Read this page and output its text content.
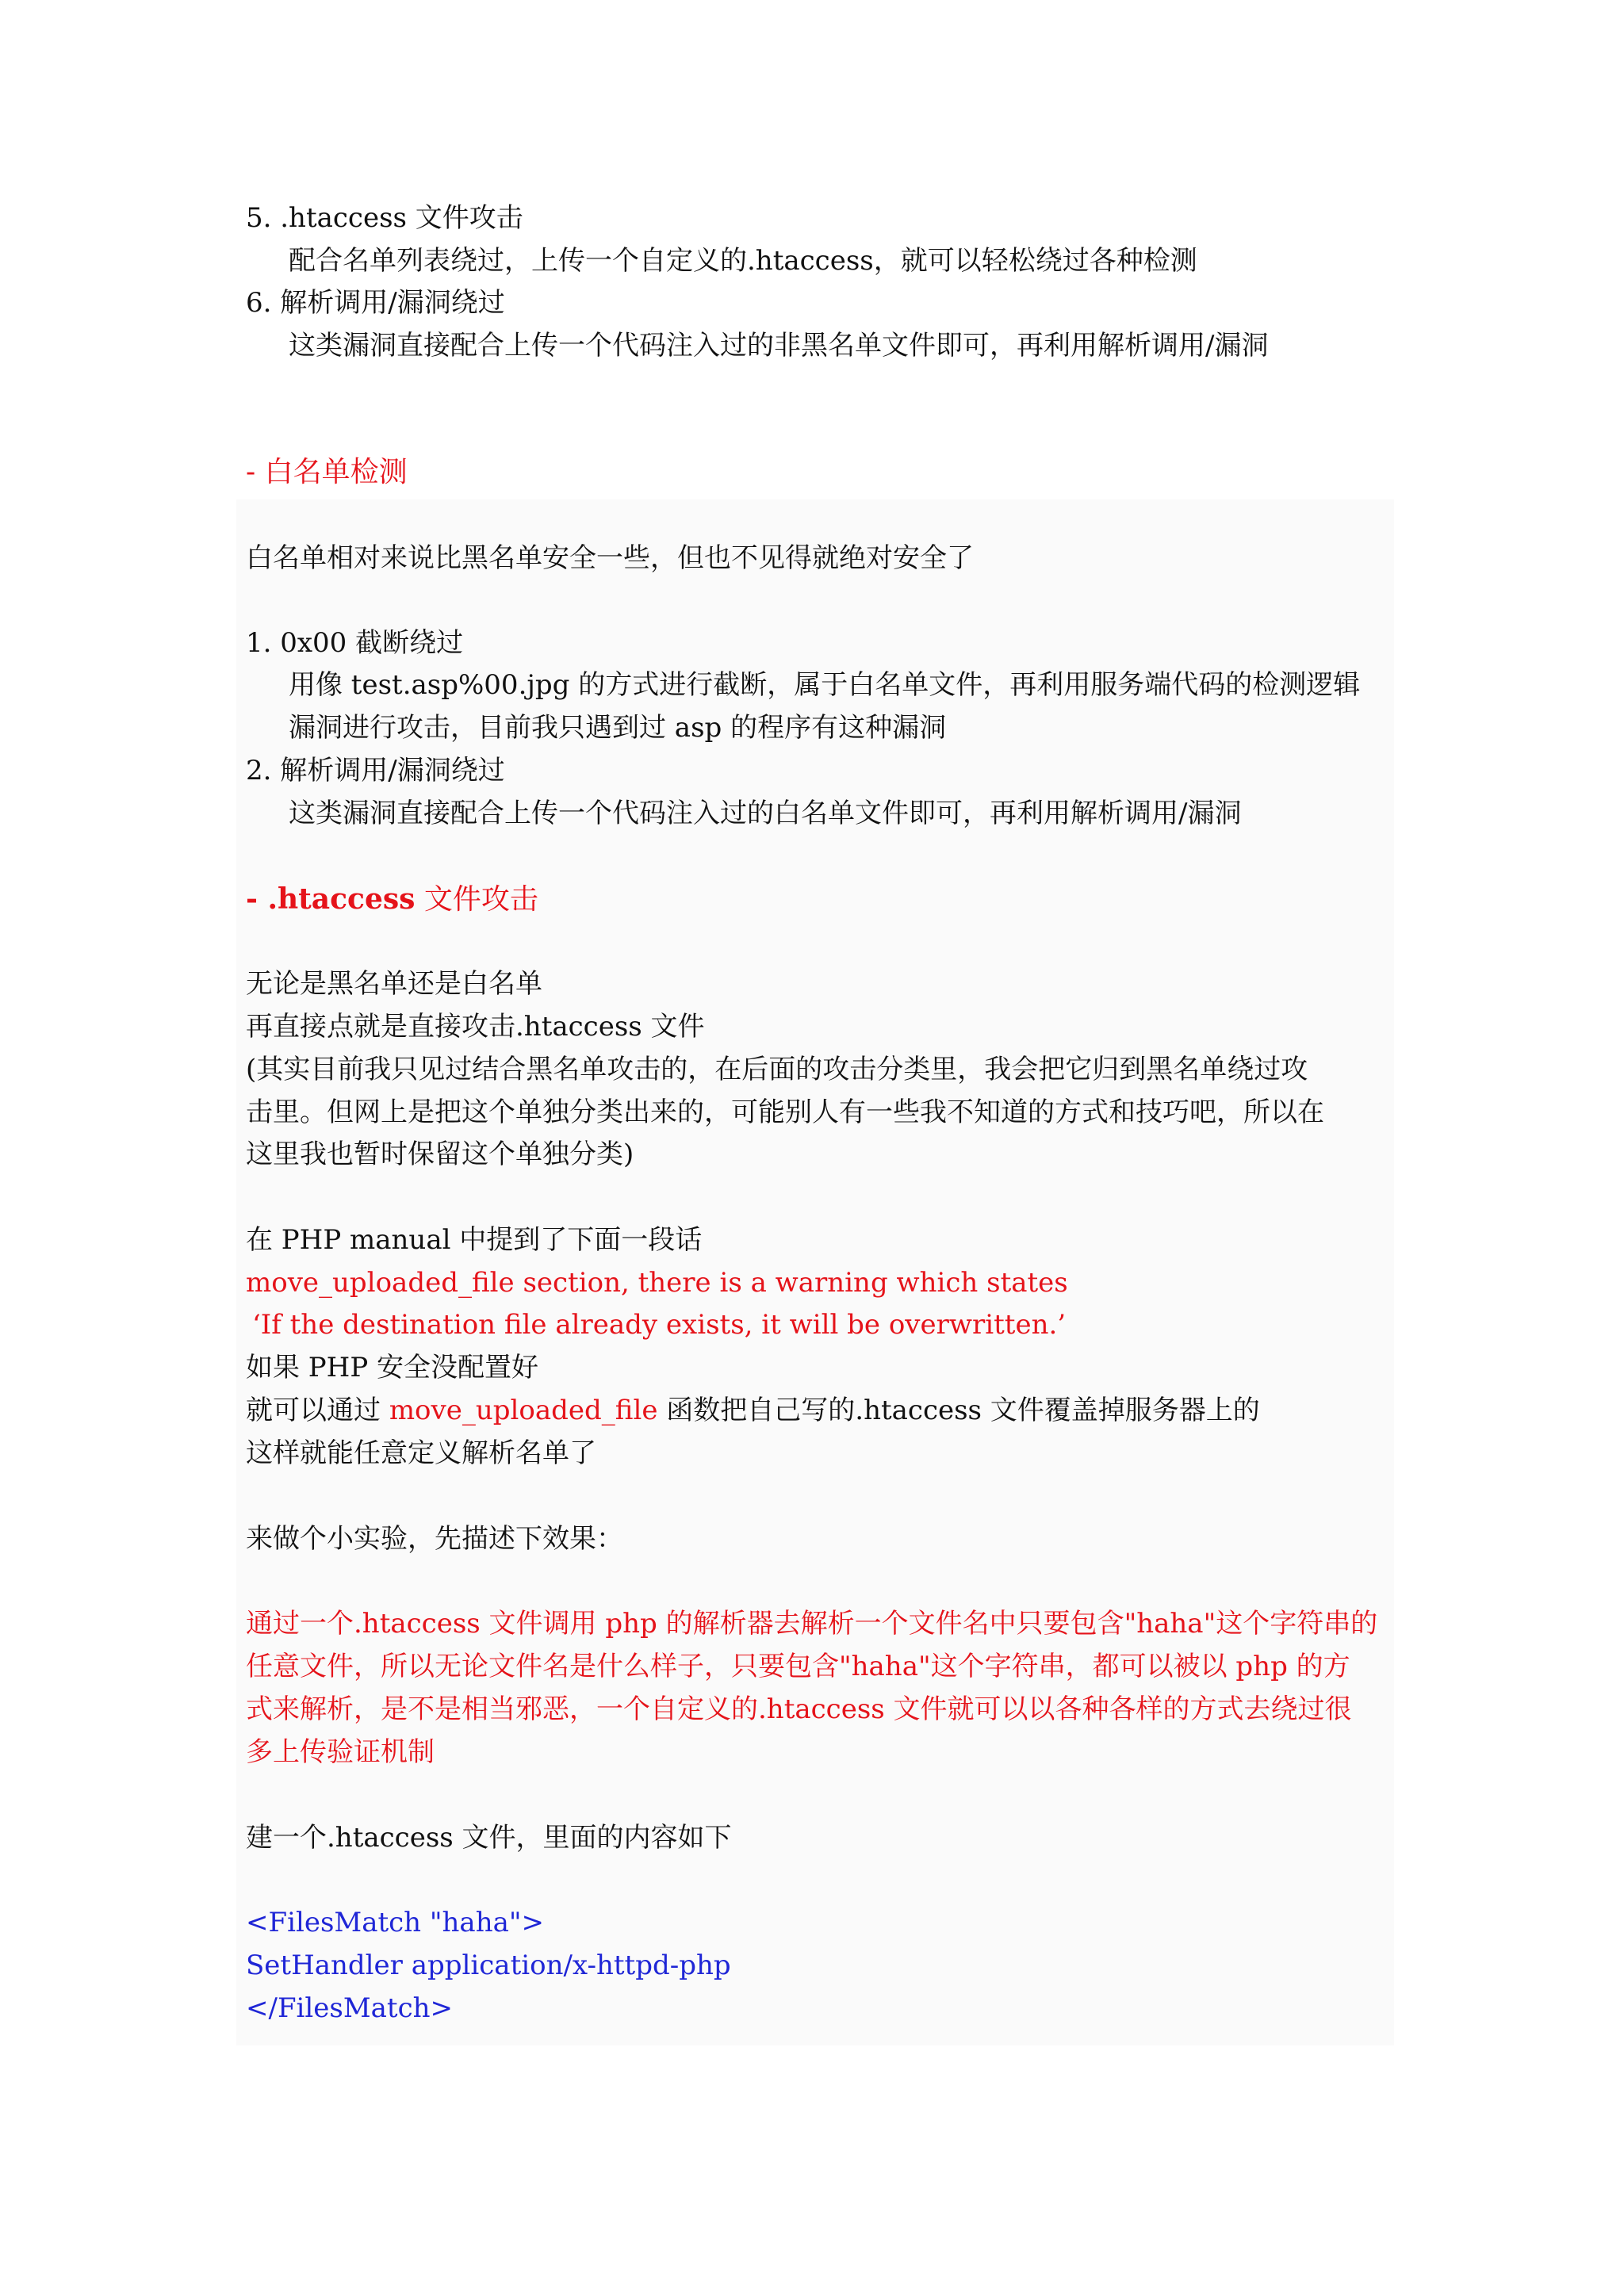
5. .htaccess 文件攻击
配合名单列表绕过，上传一个自定义的.htaccess，就可以轻松绕过各种检测
6. 解析调用/漏洞绕过
这类漏洞直接配合上传一个代码注入过的非黑名单文件即可，再利用解析调用/漏洞
- 白名单检测
白名单相对来说比黑名单安全一些，但也不见得就绝对安全了
1. 0x00 截断绕过
用像 test.asp%00.jpg 的方式进行截断，属于白名单文件，再利用服务端代码的检测逻辑
漏洞进行攻击，目前我只遇到过 asp 的程序有这种漏洞
2. 解析调用/漏洞绕过
这类漏洞直接配合上传一个代码注入过的白名单文件即可，再利用解析调用/漏洞
- .htaccess 文件攻击
无论是黑名单还是白名单
再直接点就是直接攻击.htaccess 文件
(其实目前我只见过结合黑名单攻击的，在后面的攻击分类里，我会把它归到黑名单绕过攻
击里。但网上是把这个单独分类出来的，可能别人有一些我不知道的方式和技巧吧，所以在
这里我也暂时保留这个单独分类)
在 PHP manual 中提到了下面一段话
move_uploaded_file section, there is a warning which states
‘If the destination file already exists, it will be overwritten.’
如果 PHP 安全没配置好
就可以通过 move_uploaded_file 函数把自己写的.htaccess 文件覆盖掉服务器上的
这样就能任意定义解析名单了
来做个小实验，先描述下效果：
通过一个.htaccess 文件调用 php 的解析器去解析一个文件名中只要包含"haha"这个字符串的
任意文件，所以无论文件名是什么样子，只要包含"haha"这个字符串，都可以被以 php 的方
式来解析，是不是相当邪恶，一个自定义的.htaccess 文件就可以以各种各样的方式去绕过很
多上传验证机制
建一个.htaccess 文件，里面的内容如下
<FilesMatch "haha">
SetHandler application/x-httpd-php
</FilesMatch>
